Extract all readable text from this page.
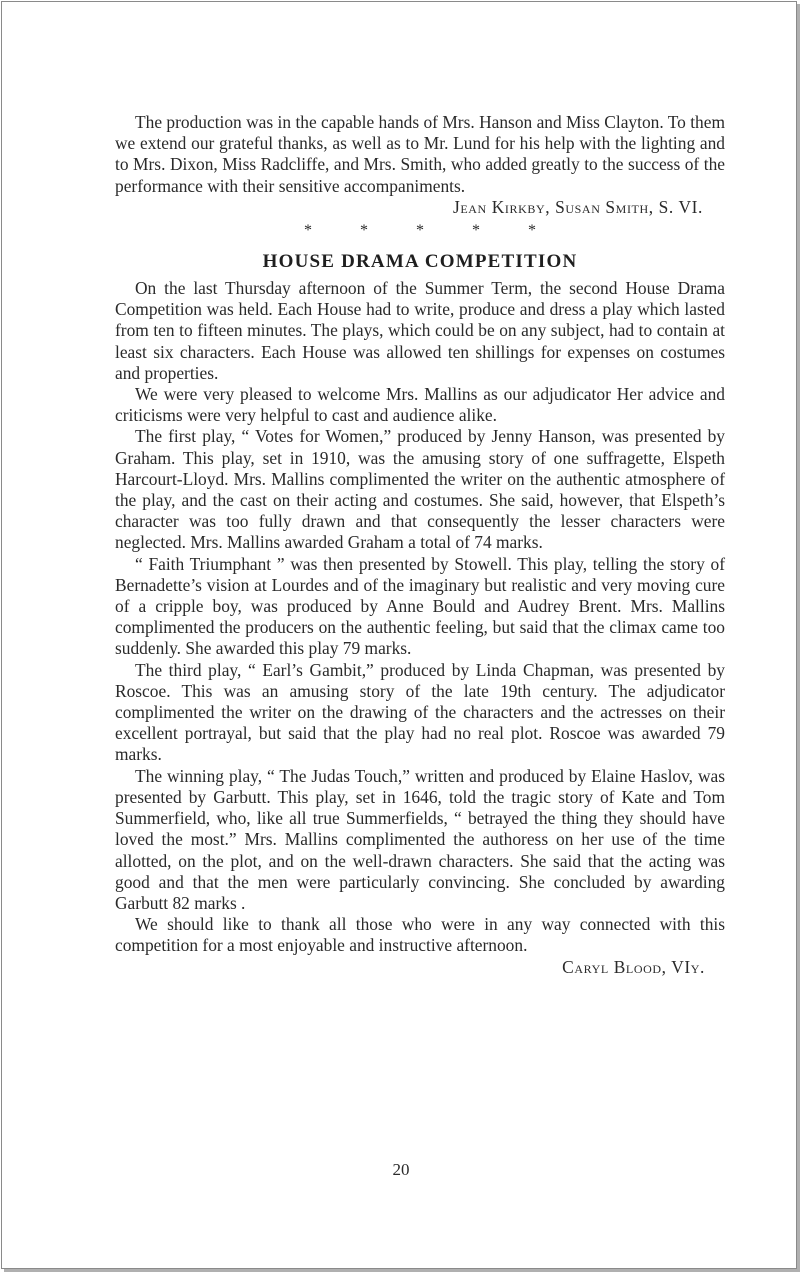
The production was in the capable hands of Mrs. Hanson and Miss Clayton. To them we extend our grateful thanks, as well as to Mr. Lund for his help with the lighting and to Mrs. Dixon, Miss Radcliffe, and Mrs. Smith, who added greatly to the success of the performance with their sensitive accompaniments.

Jean Kirkby, Susan Smith, S. VI.

* * * * *

HOUSE DRAMA COMPETITION

On the last Thursday afternoon of the Summer Term, the second House Drama Competition was held. Each House had to write, produce and dress a play which lasted from ten to fifteen minutes. The plays, which could be on any subject, had to contain at least six characters. Each House was allowed ten shillings for expenses on costumes and properties.

We were very pleased to welcome Mrs. Mallins as our adjudicator Her advice and criticisms were very helpful to cast and audience alike.

The first play, “ Votes for Women,” produced by Jenny Hanson, was presented by Graham. This play, set in 1910, was the amusing story of one suffragette, Elspeth Harcourt-Lloyd. Mrs. Mallins complimented the writer on the authentic atmosphere of the play, and the cast on their acting and costumes. She said, however, that Elspeth’s character was too fully drawn and that consequently the lesser characters were neglected. Mrs. Mallins awarded Graham a total of 74 marks.

“ Faith Triumphant ” was then presented by Stowell. This play, telling the story of Bernadette’s vision at Lourdes and of the imaginary but realistic and very moving cure of a cripple boy, was produced by Anne Bould and Audrey Brent. Mrs. Mallins complimented the producers on the authentic feeling, but said that the climax came too suddenly. She awarded this play 79 marks.

The third play, “ Earl’s Gambit,” produced by Linda Chapman, was presented by Roscoe. This was an amusing story of the late 19th century. The adjudicator complimented the writer on the drawing of the characters and the actresses on their excellent portrayal, but said that the play had no real plot. Roscoe was awarded 79 marks.

The winning play, “ The Judas Touch,” written and produced by Elaine Haslov, was presented by Garbutt. This play, set in 1646, told the tragic story of Kate and Tom Summerfield, who, like all true Summerfields, “ betrayed the thing they should have loved the most.” Mrs. Mallins complimented the authoress on her use of the time allotted, on the plot, and on the well-drawn characters. She said that the acting was good and that the men were particularly convincing. She concluded by awarding Garbutt 82 marks .

We should like to thank all those who were in any way connected with this competition for a most enjoyable and instructive afternoon.

Caryl Blood, VIy.

20
